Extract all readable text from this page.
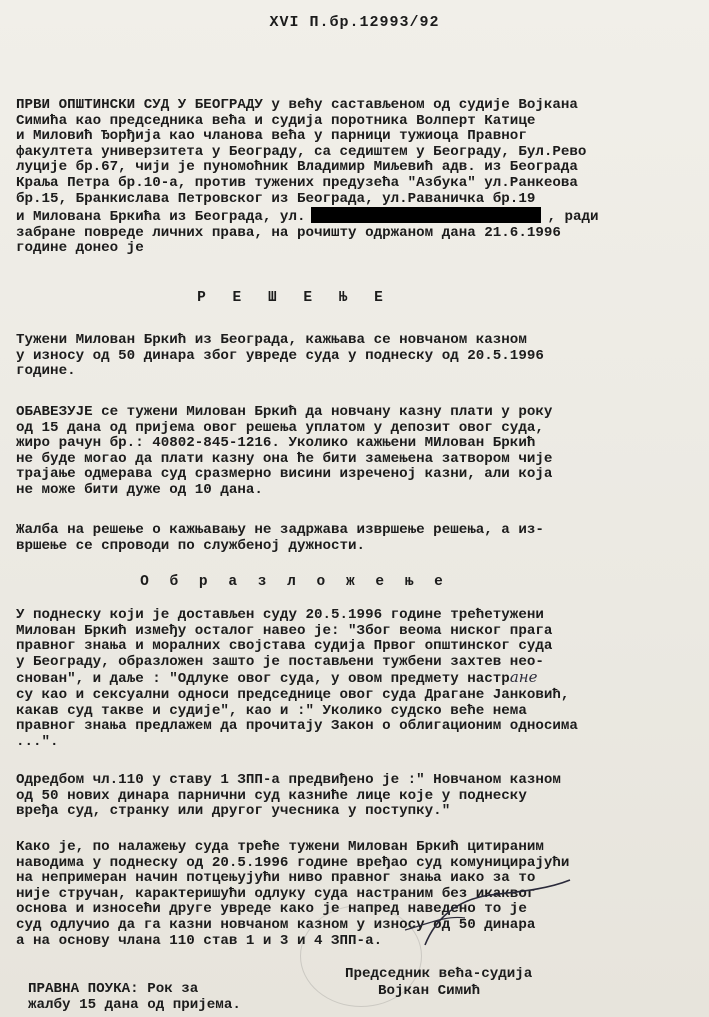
XVI П.бр.12993/92
ПРВИ ОПШТИНСКИ СУД У БЕОГРАДУ у већу састављеном од судије Војкана
Симића као председника већа и судија поротника Волперт Катице
и Миловић Ђорђија као чланова већа у парници тужиоца Правног
факултета универзитета у Београду, са седиштем у Београду, Бул.Рево
луције бр.67, чији је пуномоћник Владимир Миљевић адв. из Београда
Краља Петра бр.10-а, против тужених предузећа "Азбука" ул.Ранкеова
бр.15, Бранкислава Петровског из Београда, ул.Раваничка бр.19
и Милована Бркића из Београда, ул.	, ради
забране повреде личних права, на рочишту одржаном дана 21.6.1996
године донео је
Р Е Ш Е Њ Е
Тужени Милован Бркић из Београда, кажњава се новчаном казном
у износу од 50 динара због увреде суда у поднеску од 20.5.1996
године.
ОБАВЕЗУЈЕ се тужени Милован Бркић да новчану казну плати у року
од 15 дана од пријема овог решења уплатом у депозит овог суда,
жиро рачун бр.: 40802-845-1216. Уколико кажњени МИлован Бркић
не буде могао да плати казну она ће бити замењена затвором чије
трајање одмерава суд сразмерно висини изреченој казни, али која
не може бити дуже од 10 дана.
Жалба на решење о кажњавању не задржава извршење решења, а из-
вршење се спроводи по службеној дужности.
О б р а з л о ж е њ е
У поднеску који је достављен суду 20.5.1996 године трећетужени
Милован Бркић између осталог навео је: "Због веома ниског прага
правног знања и моралних својстава судија Првог општинског суда
у Београду, образложен зашто је постављени тужбени захтев нео-
снован", и даље : "Одлуке овог суда, у овом предмету настране
су као и сексуални односи председнице овог суда Драгане Јанковић,
какав суд такве и судије", као и :" Уколико судско веће нема
правног знања предлажем да прочитају Закон о облигационим односима
...".
Одредбом чл.110 у ставу 1 ЗПП-а предвиђено је :" Новчаном казном
од 50 нових динара парнични суд казниће лице које у поднеску
вређа суд, странку или другог учесника у поступку."
Како је, по налажењу суда треће тужени Милован Бркић цитираним
наводима у поднеску од 20.5.1996 године вређао суд комуницирајући
на непримеран начин потцењујући ниво правног знања иако за то
није стручан, карактеришући одлуку суда настраним без икаквог
основа и износећи друге увреде како је напред наведено то је
суд одлучио да га казни новчаном казном у износу од 50 динара
а на основу члана 110 став 1 и 3 и 4 ЗПП-а.
ПРАВНА ПОУКА: Рок за
жалбу 15 дана од пријема.
Председник већа-судија
Војкан Симић
